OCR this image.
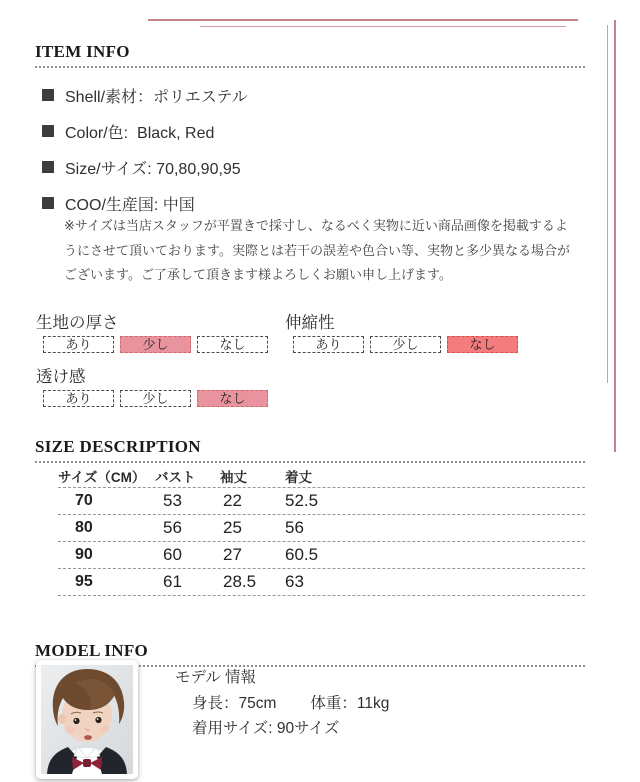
ITEM INFO
Shell/素材：ポリエステル
Color/色:  Black, Red
Size/サイズ: 70,80,90,95
COO/生産国: 中国
※サイズは当店スタッフが平置きで採寸し、なるべく実物に近い商品画像を掲載するよ
うにさせて頂いております。実際とは若干の誤差や色合い等、実物と多少異なる場合が
ございます。ご了承して頂きます様よろしくお願い申し上げます。
生地の厚さ
あり	少し	なし
伸縮性
あり	少し	なし
透け感
あり	少し	なし
SIZE DESCRIPTION
サイズ（CM） バスト	袖丈	着丈
70	53	22	52.5
80	56	25	56
90	60	27	60.5
95	61	28.5	63
MODEL INFO
モデル 情報
身長：75cm 体重：11kg
着用サイズ: 90サイズ
